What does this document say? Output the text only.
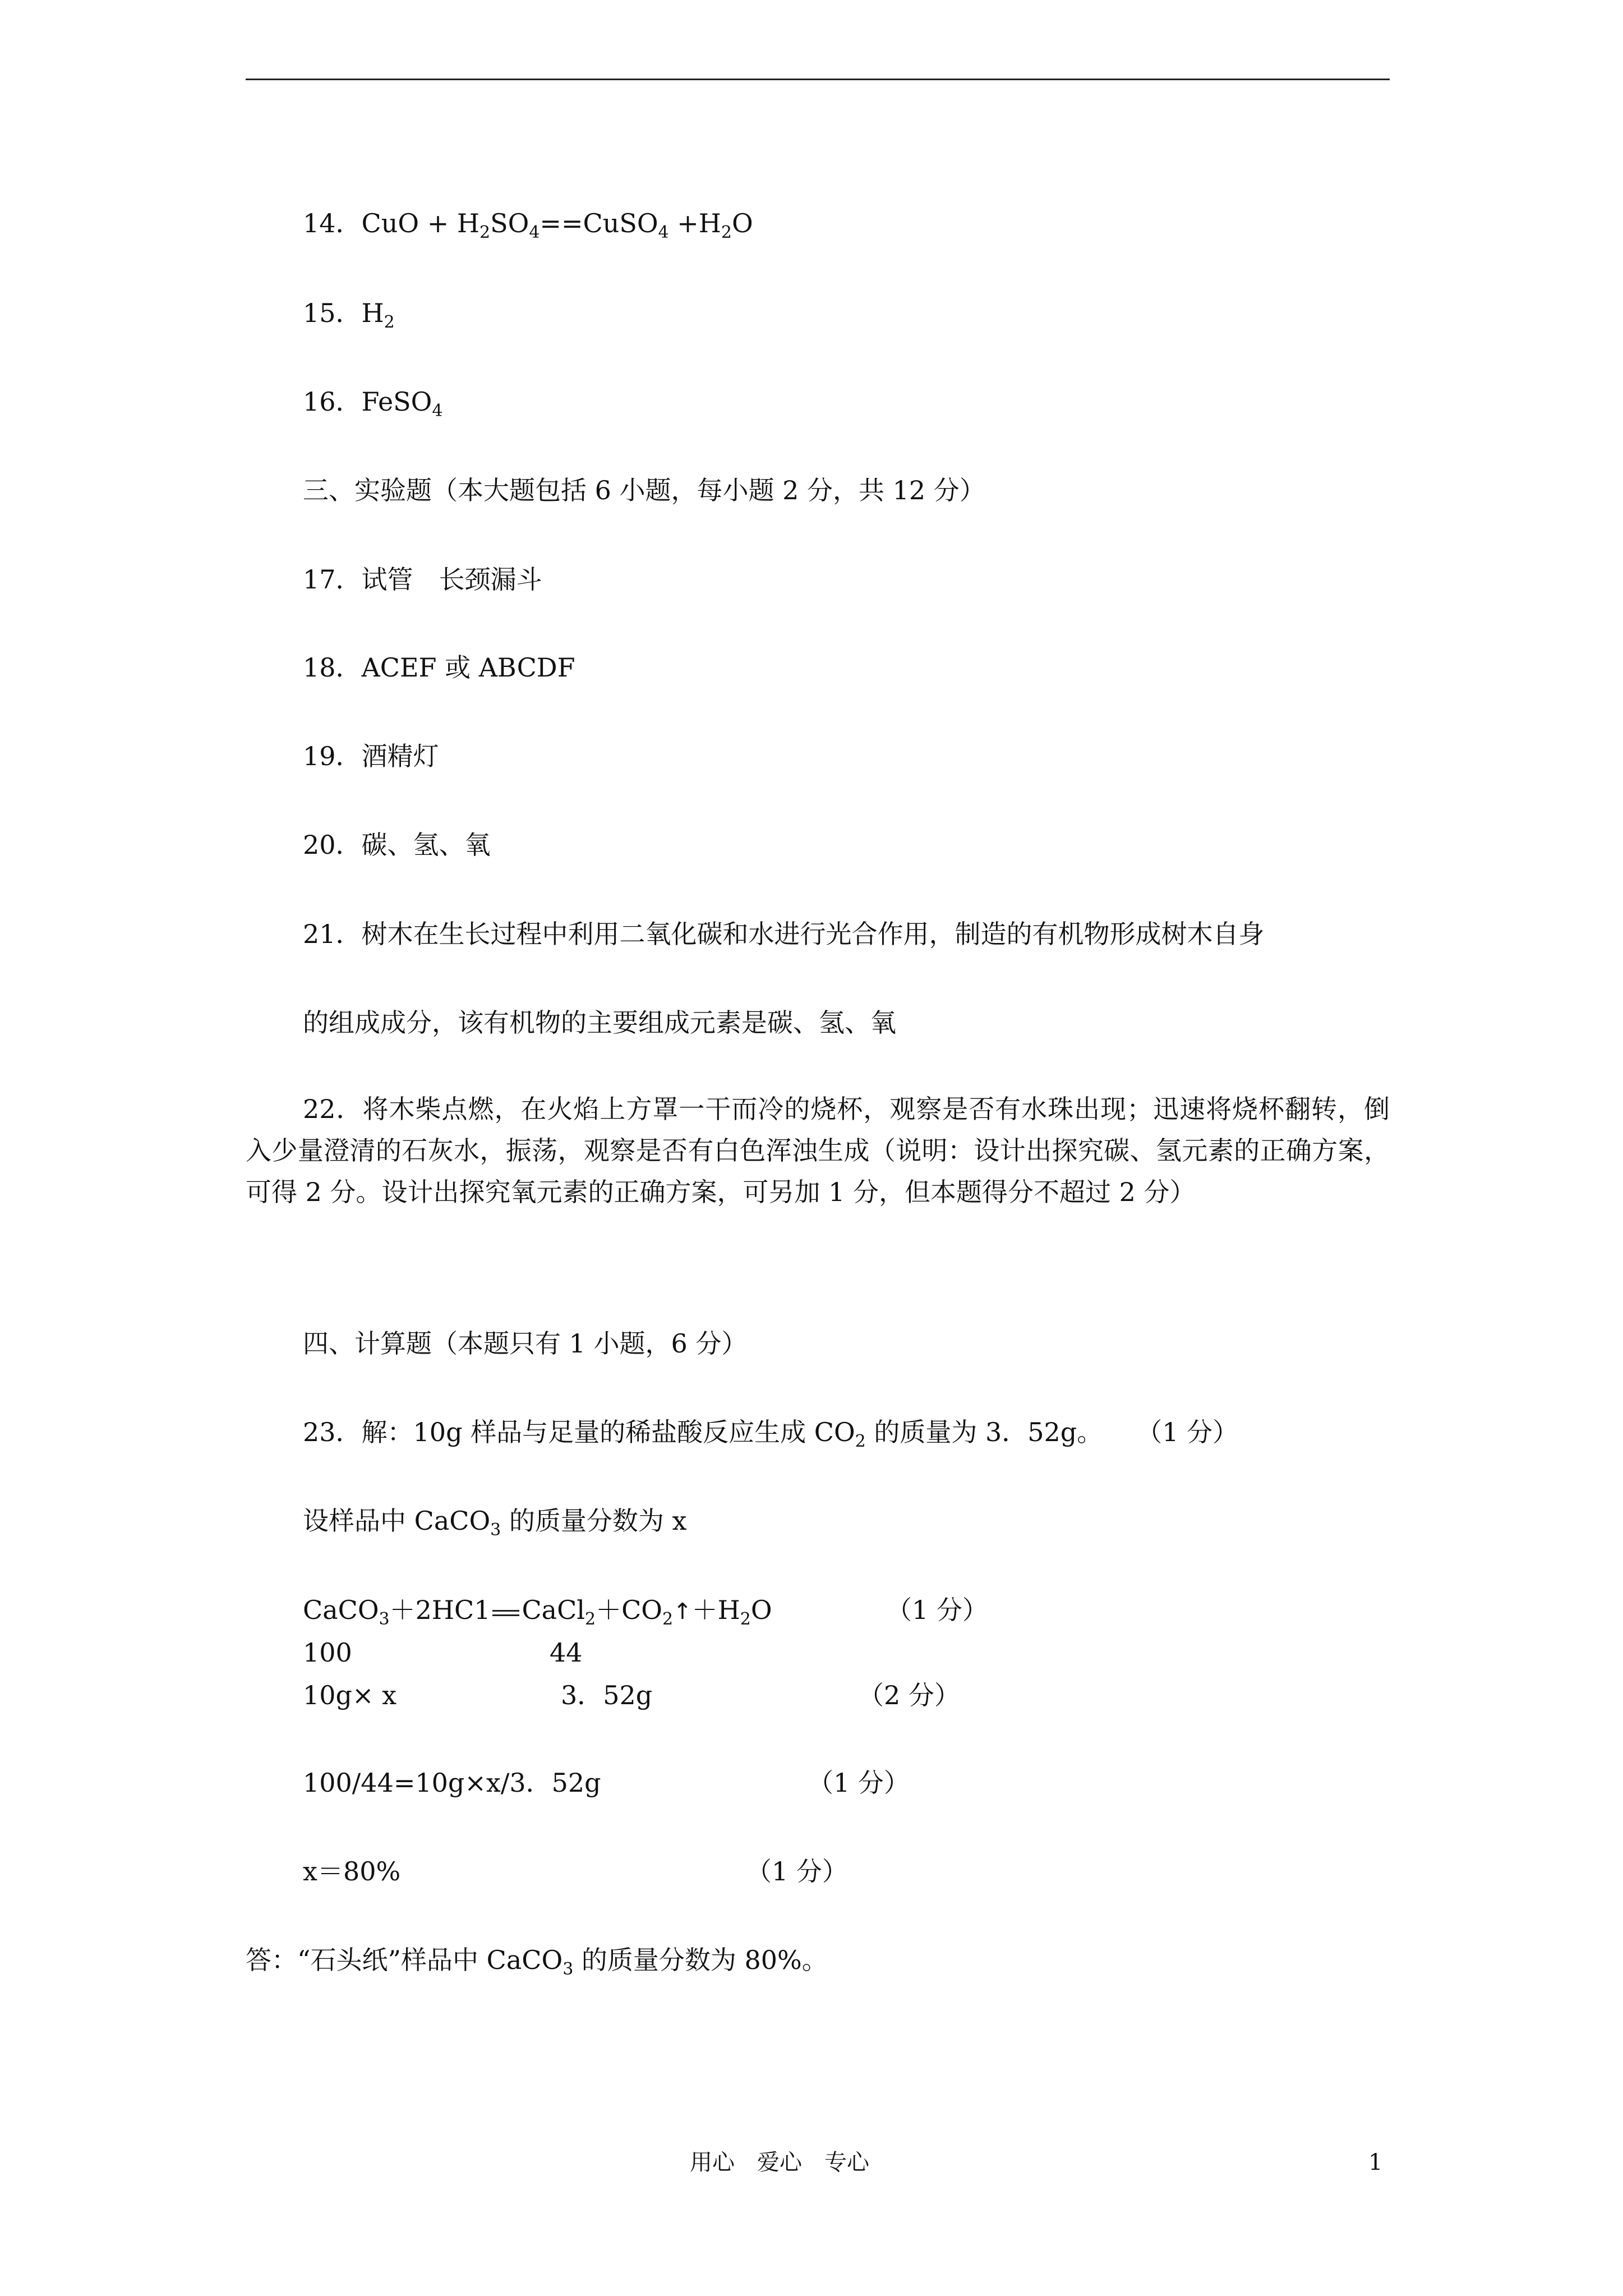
14．CuO + $H_2SO_4==CuSO_4 +H_2O$
15．$H_2$
16．FeSO$_4$
三、实验题（本大题包括 6 小题，每小题 2 分，共 12 分）
17．试管　长颈漏斗
18．ACEF 或 ABCDF
19．酒精灯
20．碳、氢、氧
21．树木在生长过程中利用二氧化碳和水进行光合作用，制造的有机物形成树木自身
的组成成分，该有机物的主要组成元素是碳、氢、氧
22．将木柴点燃，在火焰上方罩一干而冷的烧杯，观察是否有水珠出现；迅速将烧杯翻转，倒入少量澄清的石灰水，振荡，观察是否有白色浑浊生成（说明：设计出探究碳、氢元素的正确方案，可得 2 分。设计出探究氧元素的正确方案，可另加 1 分，但本题得分不超过 2 分）
四、计算题（本题只有 1 小题，6 分）
23．解：10g 样品与足量的稀盐酸反应生成 $CO_2$ 的质量为 3．52g。 （1 分）
设样品中 CaCO$_3$ 的质量分数为 x
CaCO$_3$＋2HC1 $CaCl_2+CO_2↑+H_2O$	（1 分）
100	44
10g× x	3．52g	（2 分）
100/44=10g×x/3．52g	（1 分）
x＝80%	（1 分）
答：“石头纸”样品中 CaCO$_3$ 的质量分数为 80%。
用心　爱心　专心	1
